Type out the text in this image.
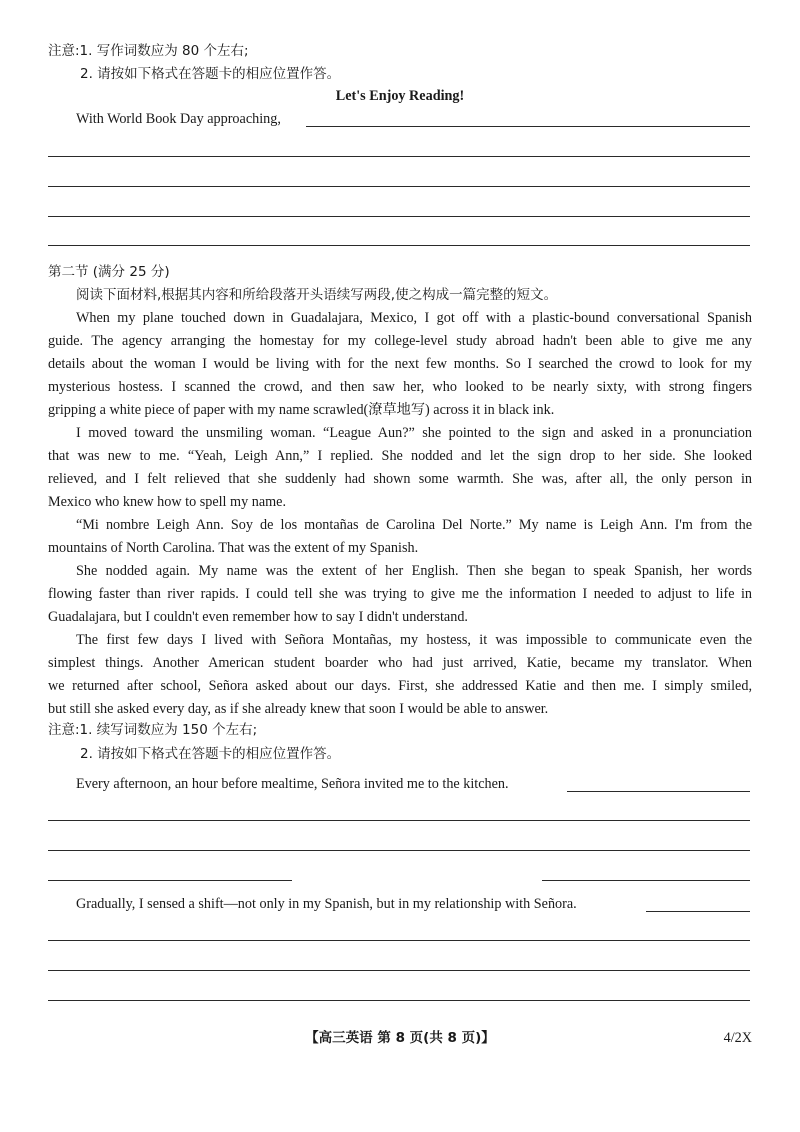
注意:1. 写作词数应为 80 个左右;
2. 请按如下格式在答题卡的相应位置作答。
Let's Enjoy Reading!
With World Book Day approaching,
第二节 (满分 25 分)
阅读下面材料,根据其内容和所给段落开头语续写两段,使之构成一篇完整的短文。
When my plane touched down in Guadalajara, Mexico, I got off with a plastic-bound conversational Spanish
guide. The agency arranging the homestay for my college-level study abroad hadn't been able to give me any
details about the woman I would be living with for the next few months. So I searched the crowd to look for my
mysterious hostess. I scanned the crowd, and then saw her, who looked to be nearly sixty, with strong fingers
gripping a white piece of paper with my name scrawled(潦草地写) across it in black ink.
I moved toward the unsmiling woman. “League Aun?” she pointed to the sign and asked in a pronunciation
that was new to me. “Yeah, Leigh Ann,” I replied. She nodded and let the sign drop to her side. She looked
relieved, and I felt relieved that she suddenly had shown some warmth. She was, after all, the only person in
Mexico who knew how to spell my name.
“Mi nombre Leigh Ann. Soy de los montañas de Carolina Del Norte.” My name is Leigh Ann. I'm from the
mountains of North Carolina. That was the extent of my Spanish.
She nodded again. My name was the extent of her English. Then she began to speak Spanish, her words
flowing faster than river rapids. I could tell she was trying to give me the information I needed to adjust to life in
Guadalajara, but I couldn't even remember how to say I didn't understand.
The first few days I lived with Señora Montañas, my hostess, it was impossible to communicate even the
simplest things. Another American student boarder who had just arrived, Katie, became my translator. When
we returned after school, Señora asked about our days. First, she addressed Katie and then me. I simply smiled,
but still she asked every day, as if she already knew that soon I would be able to answer.
注意:1. 续写词数应为 150 个左右;
2. 请按如下格式在答题卡的相应位置作答。
Every afternoon, an hour before mealtime, Señora invited me to the kitchen.
Gradually, I sensed a shift—not only in my Spanish, but in my relationship with Señora.
【高三英语 第 8 页(共 8 页)】	4/2X
